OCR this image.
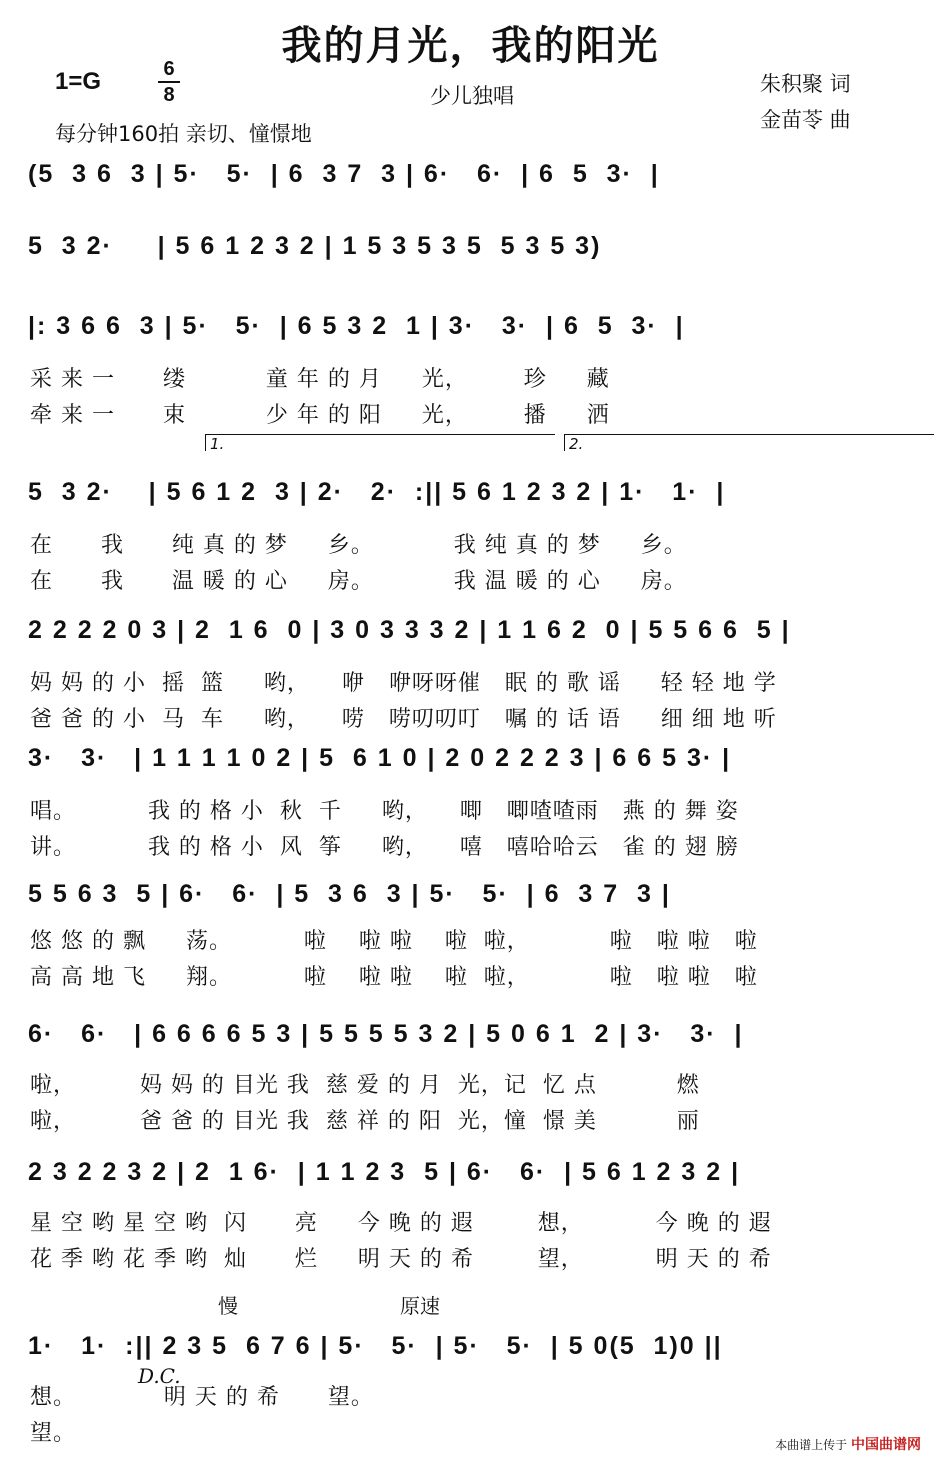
我的月光，我的阳光
1=G	6
8
每分钟160拍 亲切、憧憬地
少儿独唱	朱积聚 词
金苗苓 曲
(5  3 6  3 | 5·   5·  | 6  3 7  3 | 6·   6·  | 6  5  3·  |
5  3 2·     | 5 6 1 2 3 2 | 1 5 3 5 3 5  5 3 5 3)
|: 3 6 6  3 | 5·   5·  | 6 5 3 2  1 | 3·   3·  | 6  5  3·  |
采 来 一      缕          童 年 的 月     光，       珍     藏
牵 来 一      束          少 年 的 阳     光，       播     洒
1.	2.
5  3 2·    | 5 6 1 2  3 | 2·   2·  :|| 5 6 1 2 3 2 | 1·   1·  |
在      我      纯 真 的 梦     乡。          我 纯 真 的 梦     乡。
在      我      温 暖 的 心     房。          我 温 暖 的 心     房。
2 2 2 2 0 3 | 2  1 6  0 | 3 0 3 3 3 2 | 1 1 6 2  0 | 5 5 6 6  5 |
妈 妈 的 小  摇  篮     哟，    咿   咿呀呀催   眠 的 歌 谣     轻 轻 地 学
爸 爸 的 小  马  车     哟，    唠   唠叨叨叮   嘱 的 话 语     细 细 地 听
3·   3·   | 1 1 1 1 0 2 | 5  6 1 0 | 2 0 2 2 2 3 | 6 6 5 3· |
唱。         我 的 格 小  秋  千     哟，    唧   唧喳喳雨   燕 的 舞 姿
讲。         我 的 格 小  风  筝     哟，    嘻   嘻哈哈云   雀 的 翅 膀
5 5 6 3  5 | 6·   6·  | 5  3 6  3 | 5·   5·  | 6  3 7  3 |
悠 悠 的 飘     荡。         啦    啦 啦    啦  啦，          啦   啦 啦   啦
高 高 地 飞     翔。         啦    啦 啦    啦  啦，          啦   啦 啦   啦
6·   6·   | 6 6 6 6 5 3 | 5 5 5 5 3 2 | 5 0 6 1  2 | 3·   3·  |
啦，        妈 妈 的 目光 我  慈 爱 的 月  光，记  忆 点          燃
啦，        爸 爸 的 目光 我  慈 祥 的 阳  光，憧  憬 美          丽
2 3 2 2 3 2 | 2  1 6·  | 1 1 2 3  5 | 6·   6·  | 5 6 1 2 3 2 |
星 空 哟 星 空 哟  闪      亮     今 晚 的 遐        想，         今 晚 的 遐
花 季 哟 花 季 哟  灿      烂     明 天 的 希        望，         明 天 的 希
慢	原速
1·   1·  :|| 2 3 5  6 7 6 | 5·   5·  | 5·   5·  | 5 0(5  1)0 ||
想。           明 天 的 希      望。
望。
D.C.
本曲谱上传于 中国曲谱网
